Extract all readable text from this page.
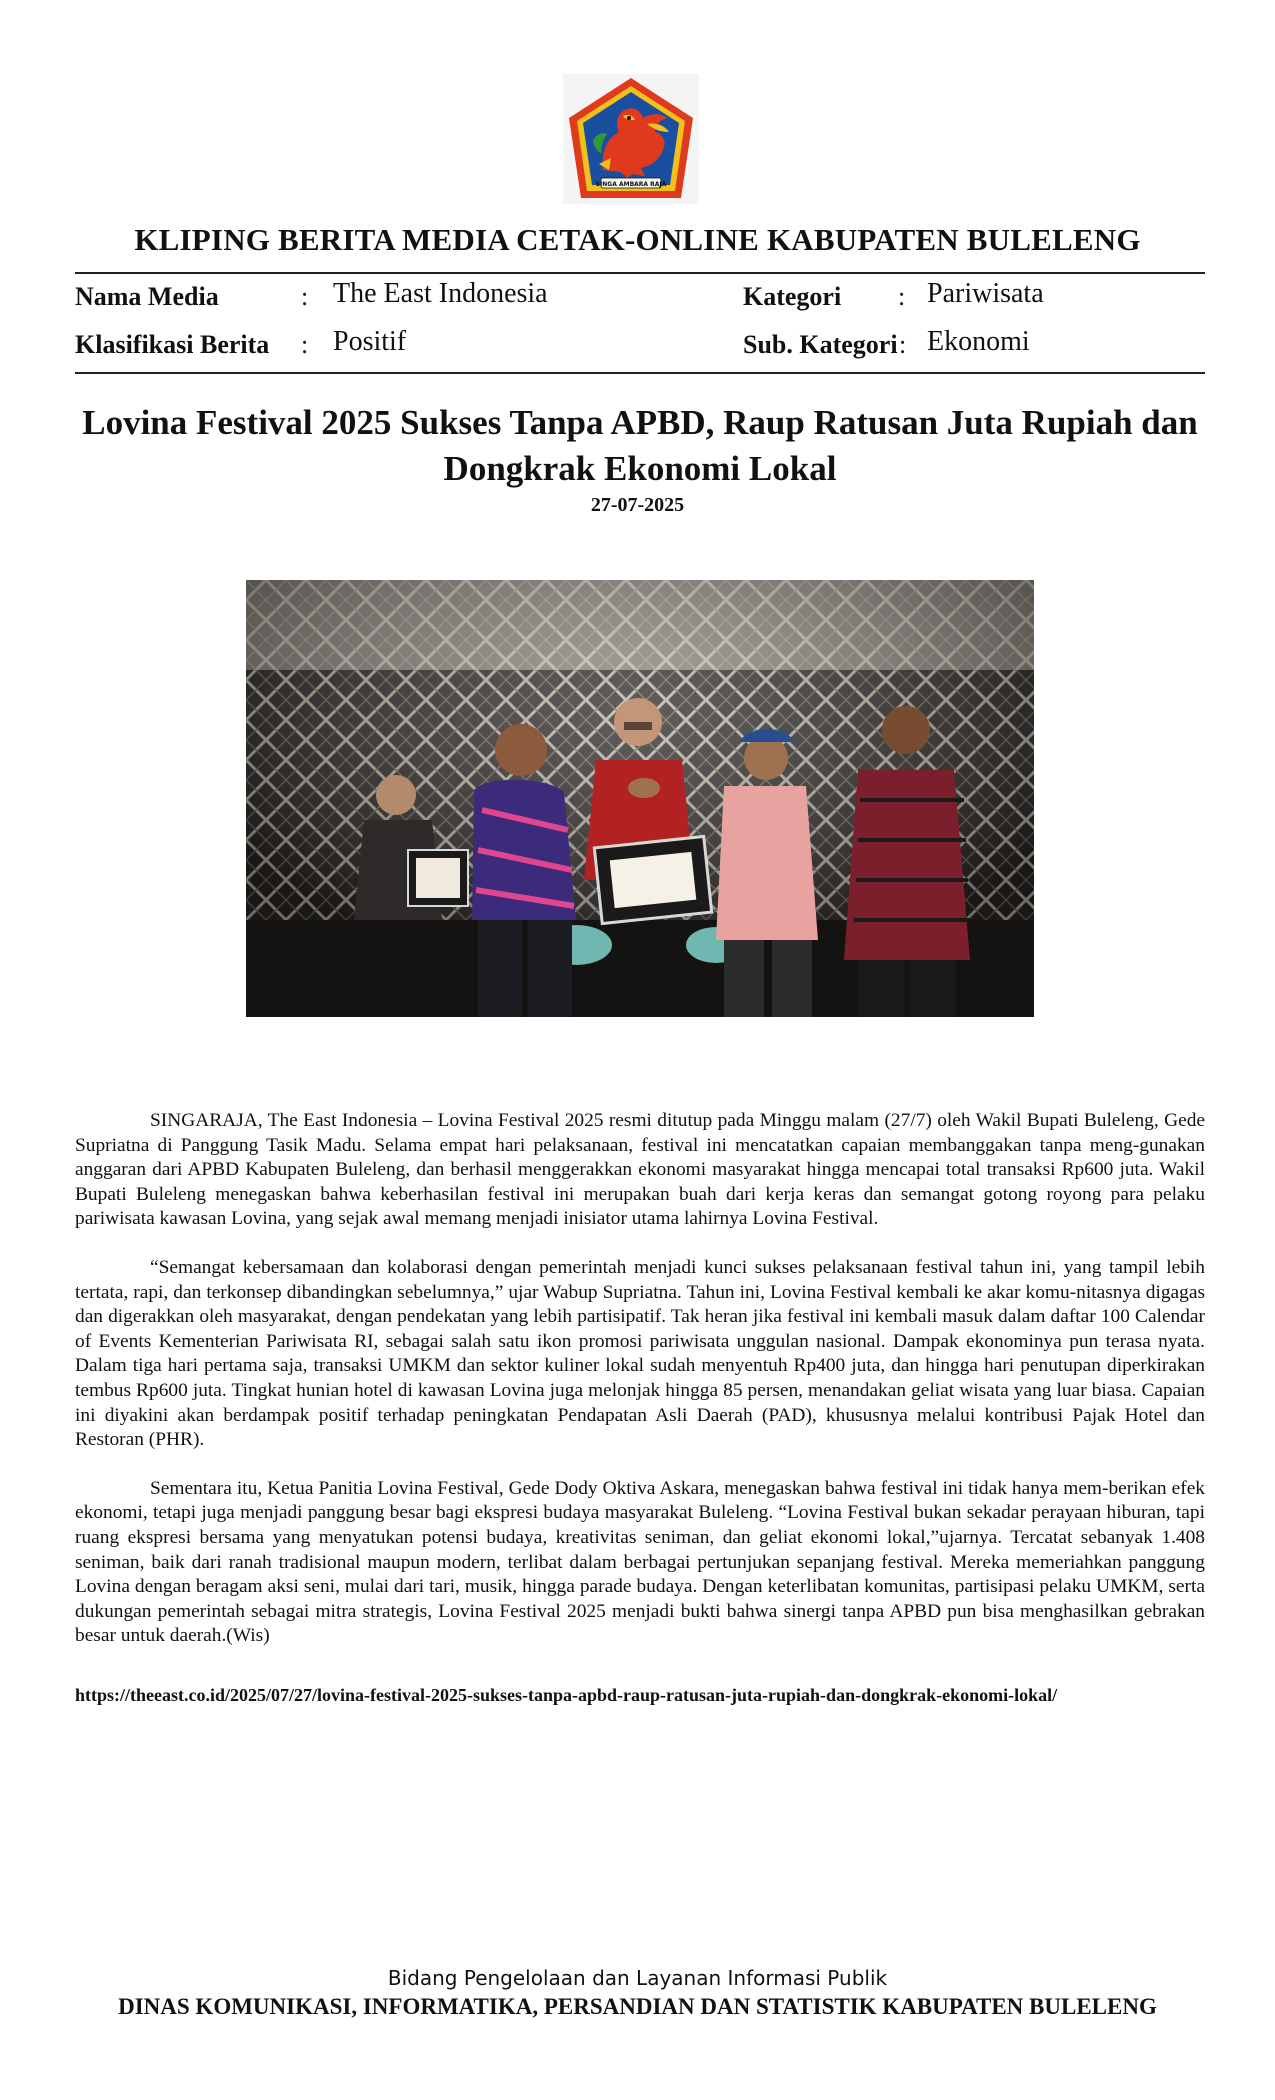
SINGA AMBARA RAJA
KLIPING BERITA MEDIA CETAK-ONLINE KABUPATEN BULELENG
Nama Media	: The East Indonesia
Klasifikasi Berita : Positif
Kategori : Pariwisata
Sub. Kategori : Ekonomi
Lovina Festival 2025 Sukses Tanpa APBD, Raup Ratusan Juta Rupiah dan Dongkrak Ekonomi Lokal
27-07-2025

SINGARAJA, The East Indonesia – Lovina Festival 2025 resmi ditutup pada Minggu malam (27/7) oleh Wakil Bupati Buleleng, Gede Supriatna di Panggung Tasik Madu. Selama empat hari pelaksanaan, festival ini mencatatkan capaian membanggakan tanpa meng-gunakan anggaran dari APBD Kabupaten Buleleng, dan berhasil menggerakkan ekonomi masyarakat hingga mencapai total transaksi Rp600 juta. Wakil Bupati Buleleng menegaskan bahwa keberhasilan festival ini merupakan buah dari kerja keras dan semangat gotong royong para pelaku pariwisata kawasan Lovina, yang sejak awal memang menjadi inisiator utama lahirnya Lovina Festival.

“Semangat kebersamaan dan kolaborasi dengan pemerintah menjadi kunci sukses pelaksanaan festival tahun ini, yang tampil lebih tertata, rapi, dan terkonsep dibandingkan sebelumnya,” ujar Wabup Supriatna. Tahun ini, Lovina Festival kembali ke akar komu-nitasnya digagas dan digerakkan oleh masyarakat, dengan pendekatan yang lebih partisipatif. Tak heran jika festival ini kembali masuk dalam daftar 100 Calendar of Events Kementerian Pariwisata RI, sebagai salah satu ikon promosi pariwisata unggulan nasional. Dampak ekonominya pun terasa nyata. Dalam tiga hari pertama saja, transaksi UMKM dan sektor kuliner lokal sudah menyentuh Rp400 juta, dan hingga hari penutupan diperkirakan tembus Rp600 juta. Tingkat hunian hotel di kawasan Lovina juga melonjak hingga 85 persen, menandakan geliat wisata yang luar biasa. Capaian ini diyakini akan berdampak positif terhadap peningkatan Pendapatan Asli Daerah (PAD), khususnya melalui kontribusi Pajak Hotel dan Restoran (PHR).

Sementara itu, Ketua Panitia Lovina Festival, Gede Dody Oktiva Askara, menegaskan bahwa festival ini tidak hanya mem-berikan efek ekonomi, tetapi juga menjadi panggung besar bagi ekspresi budaya masyarakat Buleleng. “Lovina Festival bukan sekadar perayaan hiburan, tapi ruang ekspresi bersama yang menyatukan potensi budaya, kreativitas seniman, dan geliat ekonomi lokal,”ujarnya. Tercatat sebanyak 1.408 seniman, baik dari ranah tradisional maupun modern, terlibat dalam berbagai pertunjukan sepanjang festival. Mereka memeriahkan panggung Lovina dengan beragam aksi seni, mulai dari tari, musik, hingga parade budaya. Dengan keterlibatan komunitas, partisipasi pelaku UMKM, serta dukungan pemerintah sebagai mitra strategis, Lovina Festival 2025 menjadi bukti bahwa sinergi tanpa APBD pun bisa menghasilkan gebrakan besar untuk daerah.(Wis)

https://theeast.co.id/2025/07/27/lovina-festival-2025-sukses-tanpa-apbd-raup-ratusan-juta-rupiah-dan-dongkrak-ekonomi-lokal/
Bidang Pengelolaan dan Layanan Informasi Publik
DINAS KOMUNIKASI, INFORMATIKA, PERSANDIAN DAN STATISTIK KABUPATEN BULELENG
